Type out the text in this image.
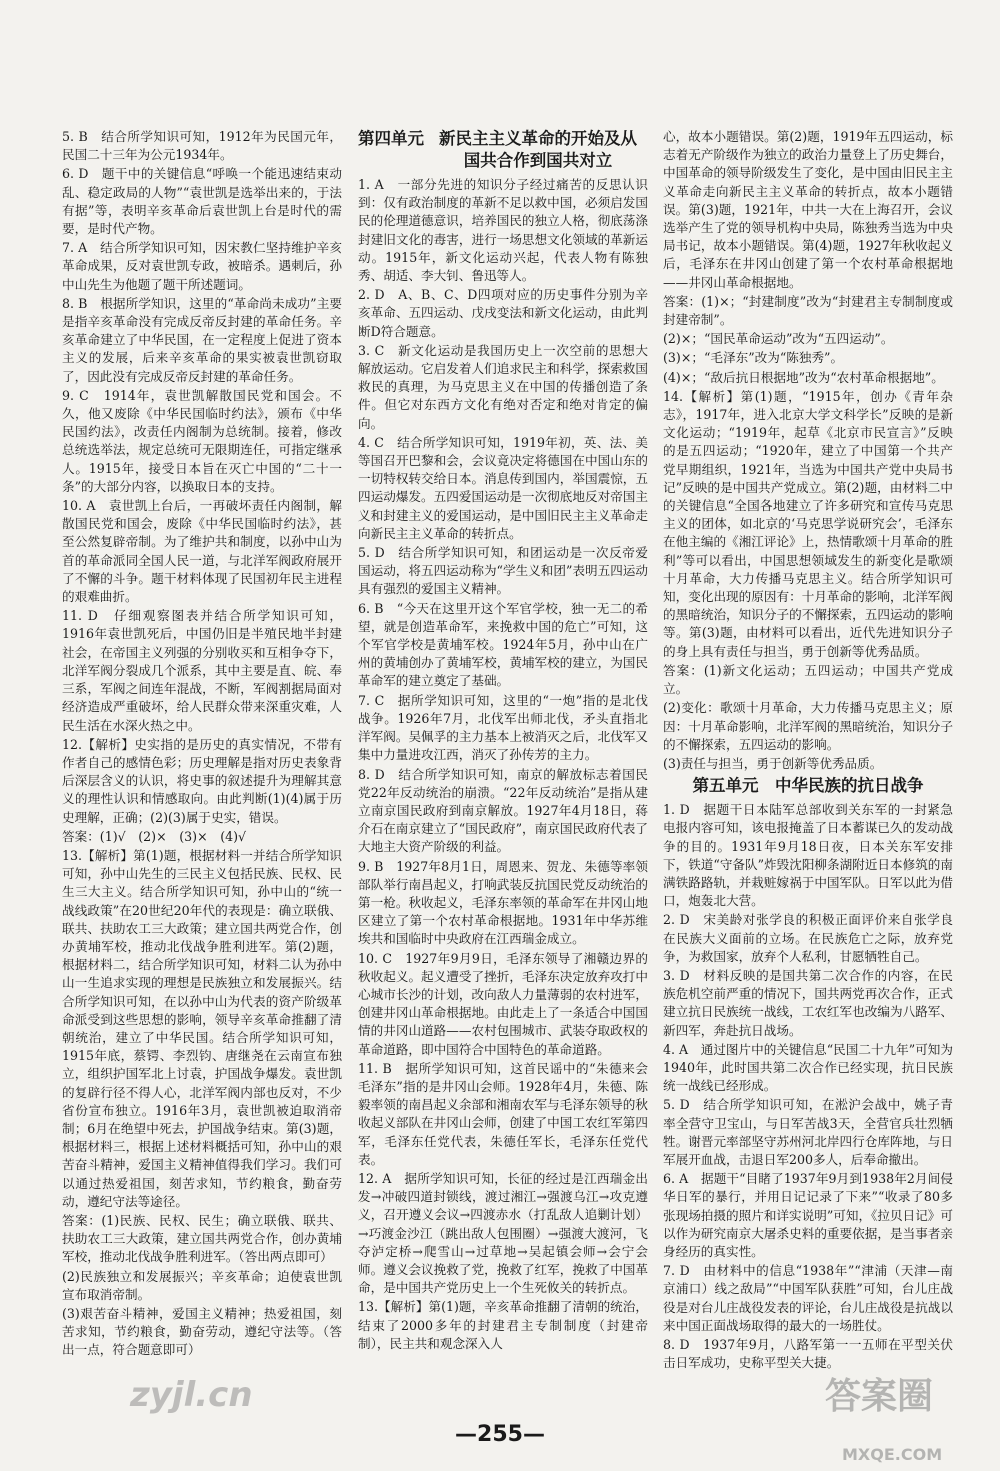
5. B　结合所学知识可知，1912年为民国元年，民国二十三年为公元1934年。
6. D　题干中的关键信息“呼唤一个能迅速结束动乱、稳定政局的人物”“袁世凯是选举出来的，于法有据”等，表明辛亥革命后袁世凯上台是时代的需要，是时代产物。
7. A　结合所学知识可知，因宋教仁坚持维护辛亥革命成果，反对袁世凯专政，被暗杀。遇刺后，孙中山先生为他题了题干所述题词。
8. B　根据所学知识，这里的“革命尚未成功”主要是指辛亥革命没有完成反帝反封建的革命任务。辛亥革命建立了中华民国，在一定程度上促进了资本主义的发展，后来辛亥革命的果实被袁世凯窃取了，因此没有完成反帝反封建的革命任务。
9. C　1914年，袁世凯解散国民党和国会。不久，他又废除《中华民国临时约法》，颁布《中华民国约法》，改责任内阁制为总统制。接着，修改总统选举法，规定总统可无限期连任，可指定继承人。1915年，接受日本旨在灭亡中国的“二十一条”的大部分内容，以换取日本的支持。
10. A　袁世凯上台后，一再破坏责任内阁制，解散国民党和国会，废除《中华民国临时约法》，甚至公然复辟帝制。为了维护共和制度，以孙中山为首的革命派同全国人民一道，与北洋军阀政府展开了不懈的斗争。题干材料体现了民国初年民主进程的艰难曲折。
11. D　仔细观察图表并结合所学知识可知，1916年袁世凯死后，中国仍旧是半殖民地半封建社会，在帝国主义列强的分别收买和互相争夺下，北洋军阀分裂成几个派系，其中主要是直、皖、奉三系，军阀之间连年混战，不断，军阀割据局面对经济造成严重破坏，给人民群众带来深重灾难，人民生活在水深火热之中。
12.【解析】史实指的是历史的真实情况，不带有作者自己的感情色彩；历史理解是指对历史表象背后深层含义的认识，将史事的叙述提升为理解其意义的理性认识和情感取向。由此判断(1)(4)属于历史理解，正确；(2)(3)属于史实，错误。
答案：(1)√　(2)×　(3)×　(4)√
13.【解析】第(1)题，根据材料一并结合所学知识可知，孙中山先生的三民主义包括民族、民权、民生三大主义。结合所学知识可知，孙中山的“统一战线政策”在20世纪20年代的表现是：确立联俄、联共、扶助农工三大政策；建立国共两党合作，创办黄埔军校，推动北伐战争胜利进军。第(2)题，根据材料二，结合所学知识可知，材料二认为孙中山一生追求实现的理想是民族独立和发展振兴。结合所学知识可知，在以孙中山为代表的资产阶级革命派受到这些思想的影响，领导辛亥革命推翻了清朝统治，建立了中华民国。结合所学知识可知，1915年底，蔡锷、李烈钧、唐继尧在云南宣布独立，组织护国军北上讨袁，护国战争爆发。袁世凯的复辟行径不得人心，北洋军阀内部也反对，不少省份宣布独立。1916年3月，袁世凯被迫取消帝制；6月在绝望中死去，护国战争结束。第(3)题，根据材料三，根据上述材料概括可知，孙中山的艰苦奋斗精神，爱国主义精神值得我们学习。我们可以通过热爱祖国，刻苦求知，节约粮食，勤奋劳动，遵纪守法等途径。
答案：(1)民族、民权、民生；确立联俄、联共、扶助农工三大政策，建立国共两党合作，创办黄埔军校，推动北伐战争胜利进军。（答出两点即可）
(2)民族独立和发展振兴；辛亥革命；迫使袁世凯宣布取消帝制。
(3)艰苦奋斗精神，爱国主义精神；热爱祖国，刻苦求知，节约粮食，勤奋劳动，遵纪守法等。（答出一点，符合题意即可）
第四单元 新民主主义革命的开始及从国共合作到国共对立
1. A　一部分先进的知识分子经过痛苦的反思认识到：仅有政治制度的革新不足以救中国，必须启发国民的伦理道德意识，培养国民的独立人格，彻底荡涤封建旧文化的毒害，进行一场思想文化领域的革新运动。1915年，新文化运动兴起，代表人物有陈独秀、胡适、李大钊、鲁迅等人。
2. D　A、B、C、D四项对应的历史事件分别为辛亥革命、五四运动、戊戌变法和新文化运动，由此判断D符合题意。
3. C　新文化运动是我国历史上一次空前的思想大解放运动。它启发着人们追求民主和科学，探索救国救民的真理，为马克思主义在中国的传播创造了条件。但它对东西方文化有绝对否定和绝对肯定的偏向。
4. C　结合所学知识可知，1919年初，英、法、美等国召开巴黎和会，会议竟决定将德国在中国山东的一切特权转交给日本。消息传到国内，举国震惊，五四运动爆发。五四爱国运动是一次彻底地反对帝国主义和封建主义的爱国运动，是中国旧民主主义革命走向新民主主义革命的转折点。
5. D　结合所学知识可知，和团运动是一次反帝爱国运动，将五四运动称为“学生义和团”表明五四运动具有强烈的爱国主义精神。
6. B　“今天在这里开这个军官学校，独一无二的希望，就是创造革命军，来挽救中国的危亡”可知，这个军官学校是黄埔军校。1924年5月，孙中山在广州的黄埔创办了黄埔军校，黄埔军校的建立，为国民革命军的建立奠定了基础。
7. C　据所学知识可知，这里的“一炮”指的是北伐战争。1926年7月，北伐军出师北伐，矛头直指北洋军阀。吴佩孚的主力基本上被消灭之后，北伐军又集中力量进攻江西，消灭了孙传芳的主力。
8. D　结合所学知识可知，南京的解放标志着国民党22年反动统治的崩溃。“22年反动统治”是指从建立南京国民政府到南京解放。1927年4月18日，蒋介石在南京建立了“国民政府”，南京国民政府代表了大地主大资产阶级的利益。
9. B　1927年8月1日，周恩来、贺龙、朱德等率领部队举行南昌起义，打响武装反抗国民党反动统治的第一枪。秋收起义，毛泽东率领的革命军在井冈山地区建立了第一个农村革命根据地。1931年中华苏维埃共和国临时中央政府在江西瑞金成立。
10. C　1927年9月9日，毛泽东领导了湘赣边界的秋收起义。起义遭受了挫折，毛泽东决定放弃攻打中心城市长沙的计划，改向敌人力量薄弱的农村进军，创建井冈山革命根据地。由此走上了一条适合中国国情的井冈山道路——农村包围城市、武装夺取政权的革命道路，即中国符合中国特色的革命道路。
11. B　据所学知识可知，这首民谣中的“朱德来会毛泽东”指的是井冈山会师。1928年4月，朱德、陈毅率领的南昌起义余部和湘南农军与毛泽东领导的秋收起义部队在井冈山会师，创建了中国工农红军第四军，毛泽东任党代表，朱德任军长，毛泽东任党代表。
12. A　据所学知识可知，长征的经过是江西瑞金出发→冲破四道封锁线，渡过湘江→强渡乌江→攻克遵义，召开遵义会议→四渡赤水（打乱敌人追剿计划）→巧渡金沙江（跳出敌人包围圈）→强渡大渡河，飞夺泸定桥→爬雪山→过草地→吴起镇会师→会宁会师。遵义会议挽救了党，挽救了红军，挽救了中国革命，是中国共产党历史上一个生死攸关的转折点。
13.【解析】第(1)题，辛亥革命推翻了清朝的统治，结束了2000多年的封建君主专制制度（封建帝制），民主共和观念深入人
心，故本小题错误。第(2)题，1919年五四运动，标志着无产阶级作为独立的政治力量登上了历史舞台，中国革命的领导阶级发生了变化，是中国由旧民主主义革命走向新民主主义革命的转折点，故本小题错误。第(3)题，1921年，中共一大在上海召开，会议选举产生了党的领导机构中央局，陈独秀当选为中央局书记，故本小题错误。第(4)题，1927年秋收起义后，毛泽东在井冈山创建了第一个农村革命根据地——井冈山革命根据地。
答案：(1)×；“封建制度”改为“封建君主专制制度或封建帝制”。
(2)×；“国民革命运动”改为“五四运动”。
(3)×；“毛泽东”改为“陈独秀”。
(4)×；“敌后抗日根据地”改为“农村革命根据地”。
14.【解析】第(1)题，“1915年，创办《青年杂志》，1917年，进入北京大学文科学长”反映的是新文化运动；“1919年，起草《北京市民宣言》”反映的是五四运动；“1920年，建立了中国第一个共产党早期组织，1921年，当选为中国共产党中央局书记”反映的是中国共产党成立。第(2)题，由材料二中的关键信息“全国各地建立了许多研究和宣传马克思主义的团体，如北京的‘马克思学说研究会’，毛泽东在他主编的《湘江评论》上，热情歌颂十月革命的胜利”等可以看出，中国思想领域发生的新变化是歌颂十月革命，大力传播马克思主义。结合所学知识可知，变化出现的原因有：十月革命的影响，北洋军阀的黑暗统治，知识分子的不懈探索，五四运动的影响等。第(3)题，由材料可以看出，近代先进知识分子的身上具有责任与担当，勇于创新等优秀品质。
答案：(1)新文化运动；五四运动；中国共产党成立。
(2)变化：歌颂十月革命，大力传播马克思主义；原因：十月革命影响，北洋军阀的黑暗统治，知识分子的不懈探索，五四运动的影响。
(3)责任与担当，勇于创新等优秀品质。
第五单元　中华民族的抗日战争
1. D　据题干日本陆军总部收到关东军的一封紧急电报内容可知，该电报掩盖了日本蓄谋已久的发动战争的目的。1931年9月18日夜，日本关东军安排下，铁道“守备队”炸毁沈阳柳条湖附近日本修筑的南满铁路路轨，并栽赃嫁祸于中国军队。日军以此为借口，炮轰北大营。
2. D　宋美龄对张学良的积极正面评价来自张学良在民族大义面前的立场。在民族危亡之际，放弃党争，为救国家，放弃个人私利，甘愿牺牲自己。
3. D　材料反映的是国共第二次合作的内容，在民族危机空前严重的情况下，国共两党再次合作，正式建立抗日民族统一战线，工农红军也改编为八路军、新四军，奔赴抗日战场。
4. A　通过图片中的关键信息“民国二十九年”可知为1940年，此时国共第二次合作已经实现，抗日民族统一战线已经形成。
5. D　结合所学知识可知，在淞沪会战中，姚子青率全营守卫宝山，与日军苦战3天，全营官兵壮烈牺牲。谢晋元率部坚守苏州河北岸四行仓库阵地，与日军展开血战，击退日军200多人，后奉命撤出。
6. A　据题干“目睹了1937年9月到1938年2月间侵华日军的暴行，并用日记记录了下来”“收录了80多张现场拍摄的照片和详实说明”可知，《拉贝日记》可以作为研究南京大屠杀史料的重要依据，是当事者亲身经历的真实性。
7. D　由材料中的信息“1938年”“津浦（天津—南京浦口）线之敌局”“中国军队获胜”可知，台儿庄战役是对台儿庄战役发表的评论，台儿庄战役是抗战以来中国正面战场取得的最大的一场胜仗。
8. D　1937年9月，八路军第一一五师在平型关伏击日军成功，史称平型关大捷。
—255—
zyjl.cn	答案圈
MXQE.COM
